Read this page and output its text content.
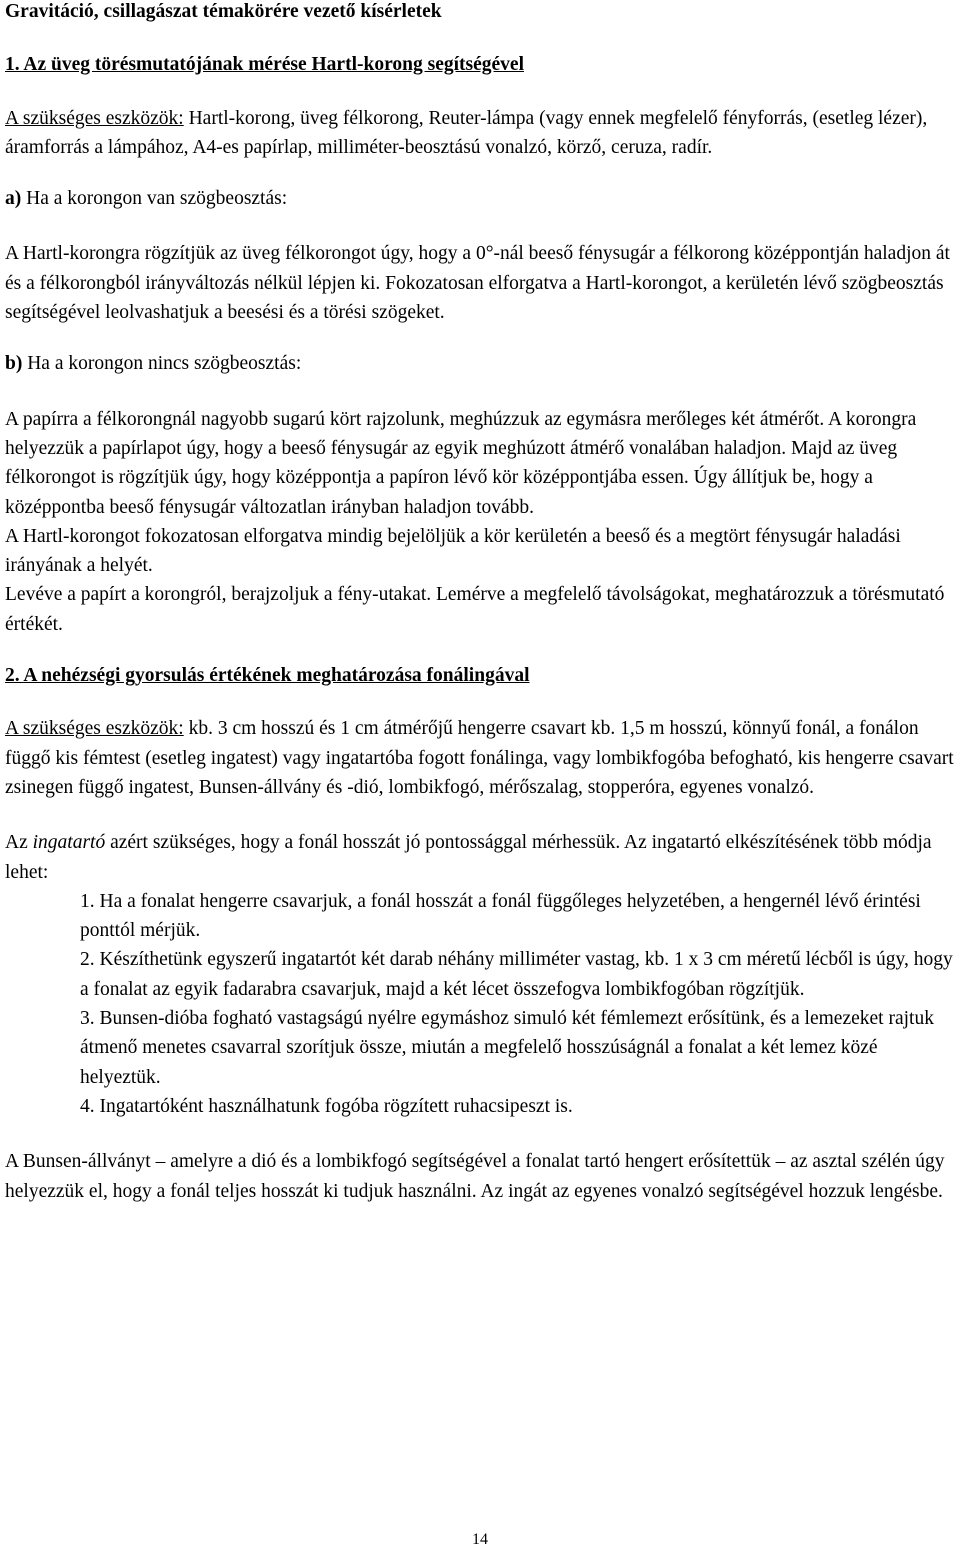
Gravitáció, csillagászat témakörére vezető kísérletek

1. Az üveg törésmutatójának mérése Hartl-korong segítségével

A szükséges eszközök: Hartl-korong, üveg félkorong, Reuter-lámpa (vagy ennek megfelelő fényforrás, (esetleg lézer), áramforrás a lámpához, A4-es papírlap, milliméter-beosztású vonalzó, körző, ceruza, radír.

a) Ha a korongon van szögbeosztás:

A Hartl-korongra rögzítjük az üveg félkorongot úgy, hogy a 0°-nál beeső fénysugár a félkorong középpontján haladjon át és a félkorongból irányváltozás nélkül lépjen ki. Fokozatosan elforgatva a Hartl-korongot, a kerületén lévő szögbeosztás segítségével leolvashatjuk a beesési és a törési szögeket.

b) Ha a korongon nincs szögbeosztás:

A papírra a félkorongnál nagyobb sugarú kört rajzolunk, meghúzzuk az egymásra merőleges két átmérőt. A korongra helyezzük a papírlapot úgy, hogy a beeső fénysugár az egyik meghúzott átmérő vonalában haladjon. Majd az üveg félkorongot is rögzítjük úgy, hogy középpontja a papíron lévő kör középpontjába essen. Úgy állítjuk be, hogy a középpontba beeső fénysugár változatlan irányban haladjon tovább.

A Hartl-korongot fokozatosan elforgatva mindig bejelöljük a kör kerületén a beeső és a megtört fénysugár haladási irányának a helyét.

Levéve a papírt a korongról, berajzoljuk a fény-utakat. Lemérve a megfelelő távolságokat, meghatározzuk a törésmutató értékét.

2. A nehézségi gyorsulás értékének meghatározása fonálingával

A szükséges eszközök: kb. 3 cm hosszú és 1 cm átmérőjű hengerre csavart kb. 1,5 m hosszú, könnyű fonál, a fonálon függő kis fémtest (esetleg ingatest) vagy ingatartóba fogott fonálinga, vagy lombikfogóba befogható, kis hengerre csavart zsinegen függő ingatest, Bunsen-állvány és -dió, lombikfogó, mérőszalag, stopperóra, egyenes vonalzó.

Az ingatartó azért szükséges, hogy a fonál hosszát jó pontossággal mérhessük. Az ingatartó elkészítésének több módja lehet:

1. Ha a fonalat hengerre csavarjuk, a fonál hosszát a fonál függőleges helyzetében, a hengernél lévő érintési ponttól mérjük.
2. Készíthetünk egyszerű ingatartót két darab néhány milliméter vastag, kb. 1 x 3 cm méretű lécből is úgy, hogy a fonalat az egyik fadarabra csavarjuk, majd a két lécet összefogva lombikfogóban rögzítjük.
3. Bunsen-dióba fogható vastagságú nyélre egymáshoz simuló két fémlemezt erősítünk, és a lemezeket rajtuk átmenő menetes csavarral szorítjuk össze, miután a megfelelő hosszúságnál a fonalat a két lemez közé helyeztük.
4. Ingatartóként használhatunk fogóba rögzített ruhacsipeszt is.

A Bunsen-állványt – amelyre a dió és a lombikfogó segítségével a fonalat tartó hengert erősítettük – az asztal szélén úgy helyezzük el, hogy a fonál teljes hosszát ki tudjuk használni. Az ingát az egyenes vonalzó segítségével hozzuk lengésbe.

14
